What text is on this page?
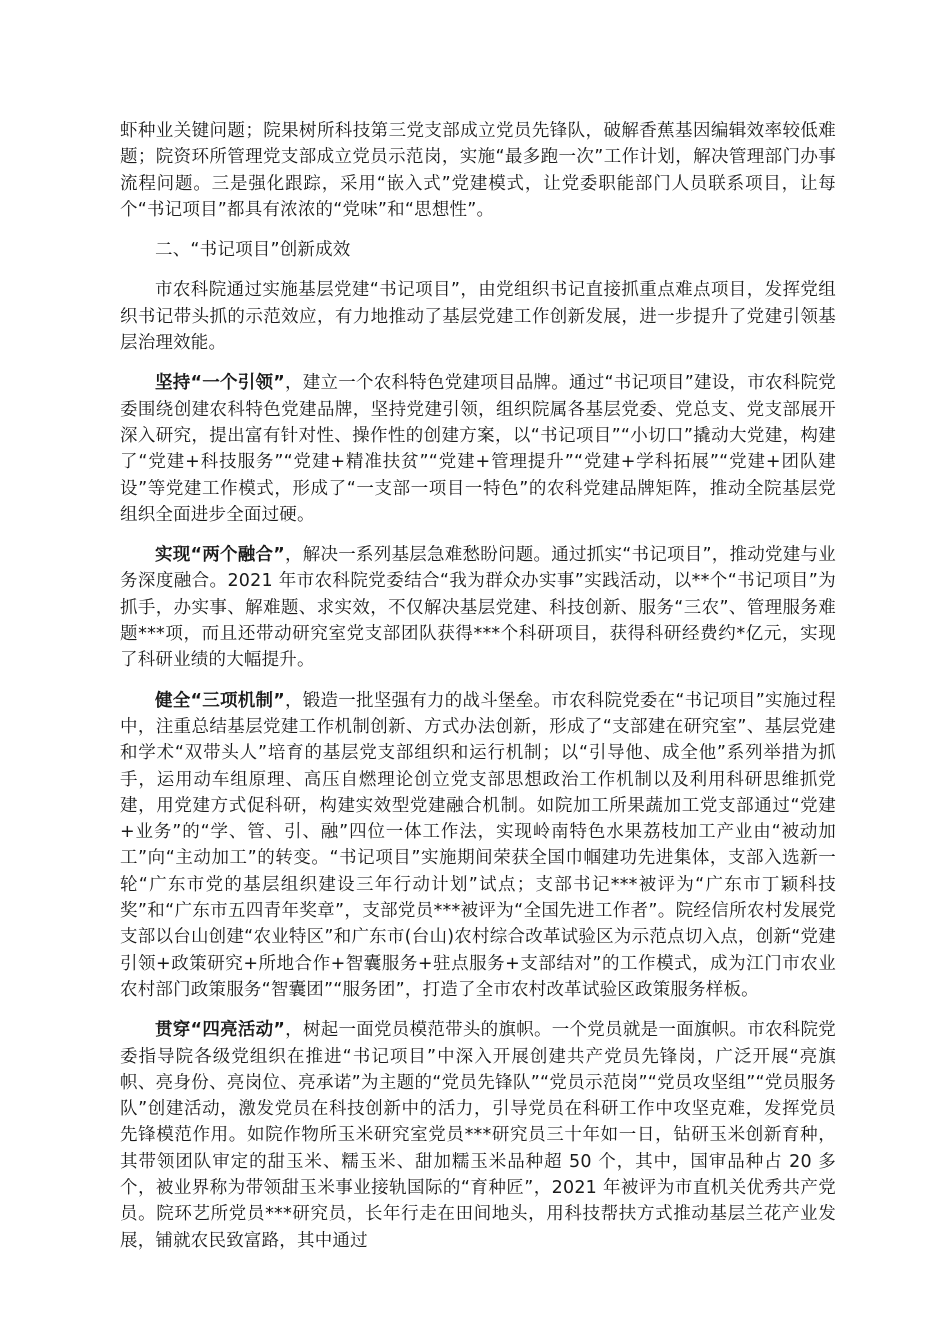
虾种业关键问题；院果树所科技第三党支部成立党员先锋队，破解香蕉基因编辑效率较低难题；院资环所管理党支部成立党员示范岗，实施“最多跑一次”工作计划，解决管理部门办事流程问题。三是强化跟踪，采用“嵌入式”党建模式，让党委职能部门人员联系项目，让每个“书记项目”都具有浓浓的“党味”和“思想性”。

二、“书记项目”创新成效

市农科院通过实施基层党建“书记项目”，由党组织书记直接抓重点难点项目，发挥党组织书记带头抓的示范效应，有力地推动了基层党建工作创新发展，进一步提升了党建引领基层治理效能。

坚持“一个引领”，建立一个农科特色党建项目品牌。通过“书记项目”建设，市农科院党委围绕创建农科特色党建品牌，坚持党建引领，组织院属各基层党委、党总支、党支部展开深入研究，提出富有针对性、操作性的创建方案，以“书记项目”“小切口”撬动大党建，构建了“党建+科技服务”“党建+精准扶贫”“党建+管理提升”“党建+学科拓展”“党建+团队建设”等党建工作模式，形成了“一支部一项目一特色”的农科党建品牌矩阵，推动全院基层党组织全面进步全面过硬。

实现“两个融合”，解决一系列基层急难愁盼问题。通过抓实“书记项目”，推动党建与业务深度融合。2021 年市农科院党委结合“我为群众办实事”实践活动，以**个“书记项目”为抓手，办实事、解难题、求实效，不仅解决基层党建、科技创新、服务“三农”、管理服务难题***项，而且还带动研究室党支部团队获得***个科研项目，获得科研经费约*亿元，实现了科研业绩的大幅提升。

健全“三项机制”，锻造一批坚强有力的战斗堡垒。市农科院党委在“书记项目”实施过程中，注重总结基层党建工作机制创新、方式办法创新，形成了“支部建在研究室”、基层党建和学术“双带头人”培育的基层党支部组织和运行机制；以“引导他、成全他”系列举措为抓手，运用动车组原理、高压自燃理论创立党支部思想政治工作机制以及利用科研思维抓党建，用党建方式促科研，构建实效型党建融合机制。如院加工所果蔬加工党支部通过“党建+业务”的“学、管、引、融”四位一体工作法，实现岭南特色水果荔枝加工产业由“被动加工”向“主动加工”的转变。“书记项目”实施期间荣获全国巾帼建功先进集体，支部入选新一轮“广东市党的基层组织建设三年行动计划”试点；支部书记***被评为“广东市丁颖科技奖”和“广东市五四青年奖章”，支部党员***被评为“全国先进工作者”。院经信所农村发展党支部以台山创建“农业特区”和广东市(台山)农村综合改革试验区为示范点切入点，创新“党建引领+政策研究+所地合作+智囊服务+驻点服务+支部结对”的工作模式，成为江门市农业农村部门政策服务“智囊团”“服务团”，打造了全市农村改革试验区政策服务样板。

贯穿“四亮活动”，树起一面党员模范带头的旗帜。一个党员就是一面旗帜。市农科院党委指导院各级党组织在推进“书记项目”中深入开展创建共产党员先锋岗，广泛开展“亮旗帜、亮身份、亮岗位、亮承诺”为主题的“党员先锋队”“党员示范岗”“党员攻坚组”“党员服务队”创建活动，激发党员在科技创新中的活力，引导党员在科研工作中攻坚克难，发挥党员先锋模范作用。如院作物所玉米研究室党员***研究员三十年如一日，钻研玉米创新育种，其带领团队审定的甜玉米、糯玉米、甜加糯玉米品种超 50 个，其中，国审品种占 20 多个，被业界称为带领甜玉米事业接轨国际的“育种匠”，2021 年被评为市直机关优秀共产党员。院环艺所党员***研究员，长年行走在田间地头，用科技帮扶方式推动基层兰花产业发展，铺就农民致富路，其中通过
